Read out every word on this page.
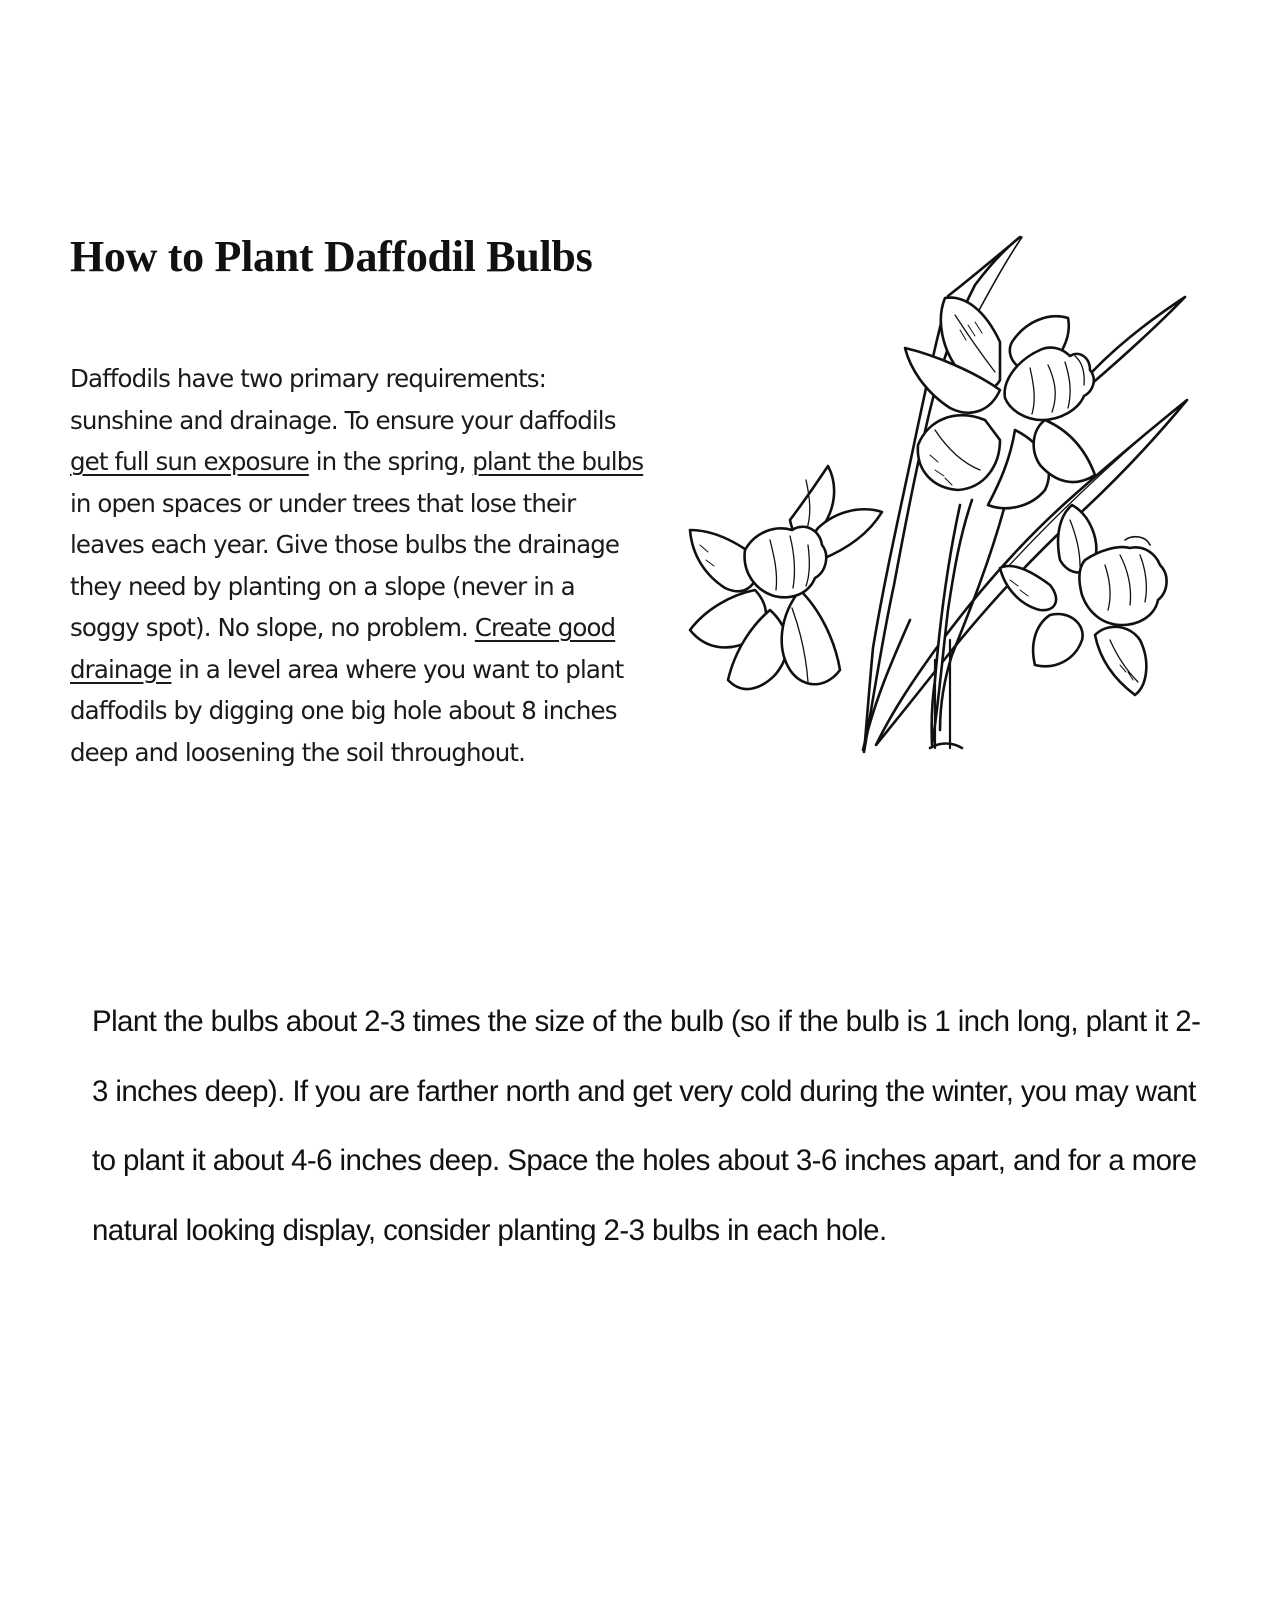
How to Plant Daffodil Bulbs

Daffodils have two primary requirements: sunshine and drainage. To ensure your daffodils get full sun exposure in the spring, plant the bulbs in open spaces or under trees that lose their leaves each year. Give those bulbs the drainage they need by planting on a slope (never in a soggy spot). No slope, no problem. Create good drainage in a level area where you want to plant daffodils by digging one big hole about 8 inches deep and loosening the soil throughout.

Plant the bulbs about 2-3 times the size of the bulb (so if the bulb is 1 inch long, plant it 2-3 inches deep). If you are farther north and get very cold during the winter, you may want to plant it about 4-6 inches deep. Space the holes about 3-6 inches apart, and for a more natural looking display, consider planting 2-3 bulbs in each hole.
